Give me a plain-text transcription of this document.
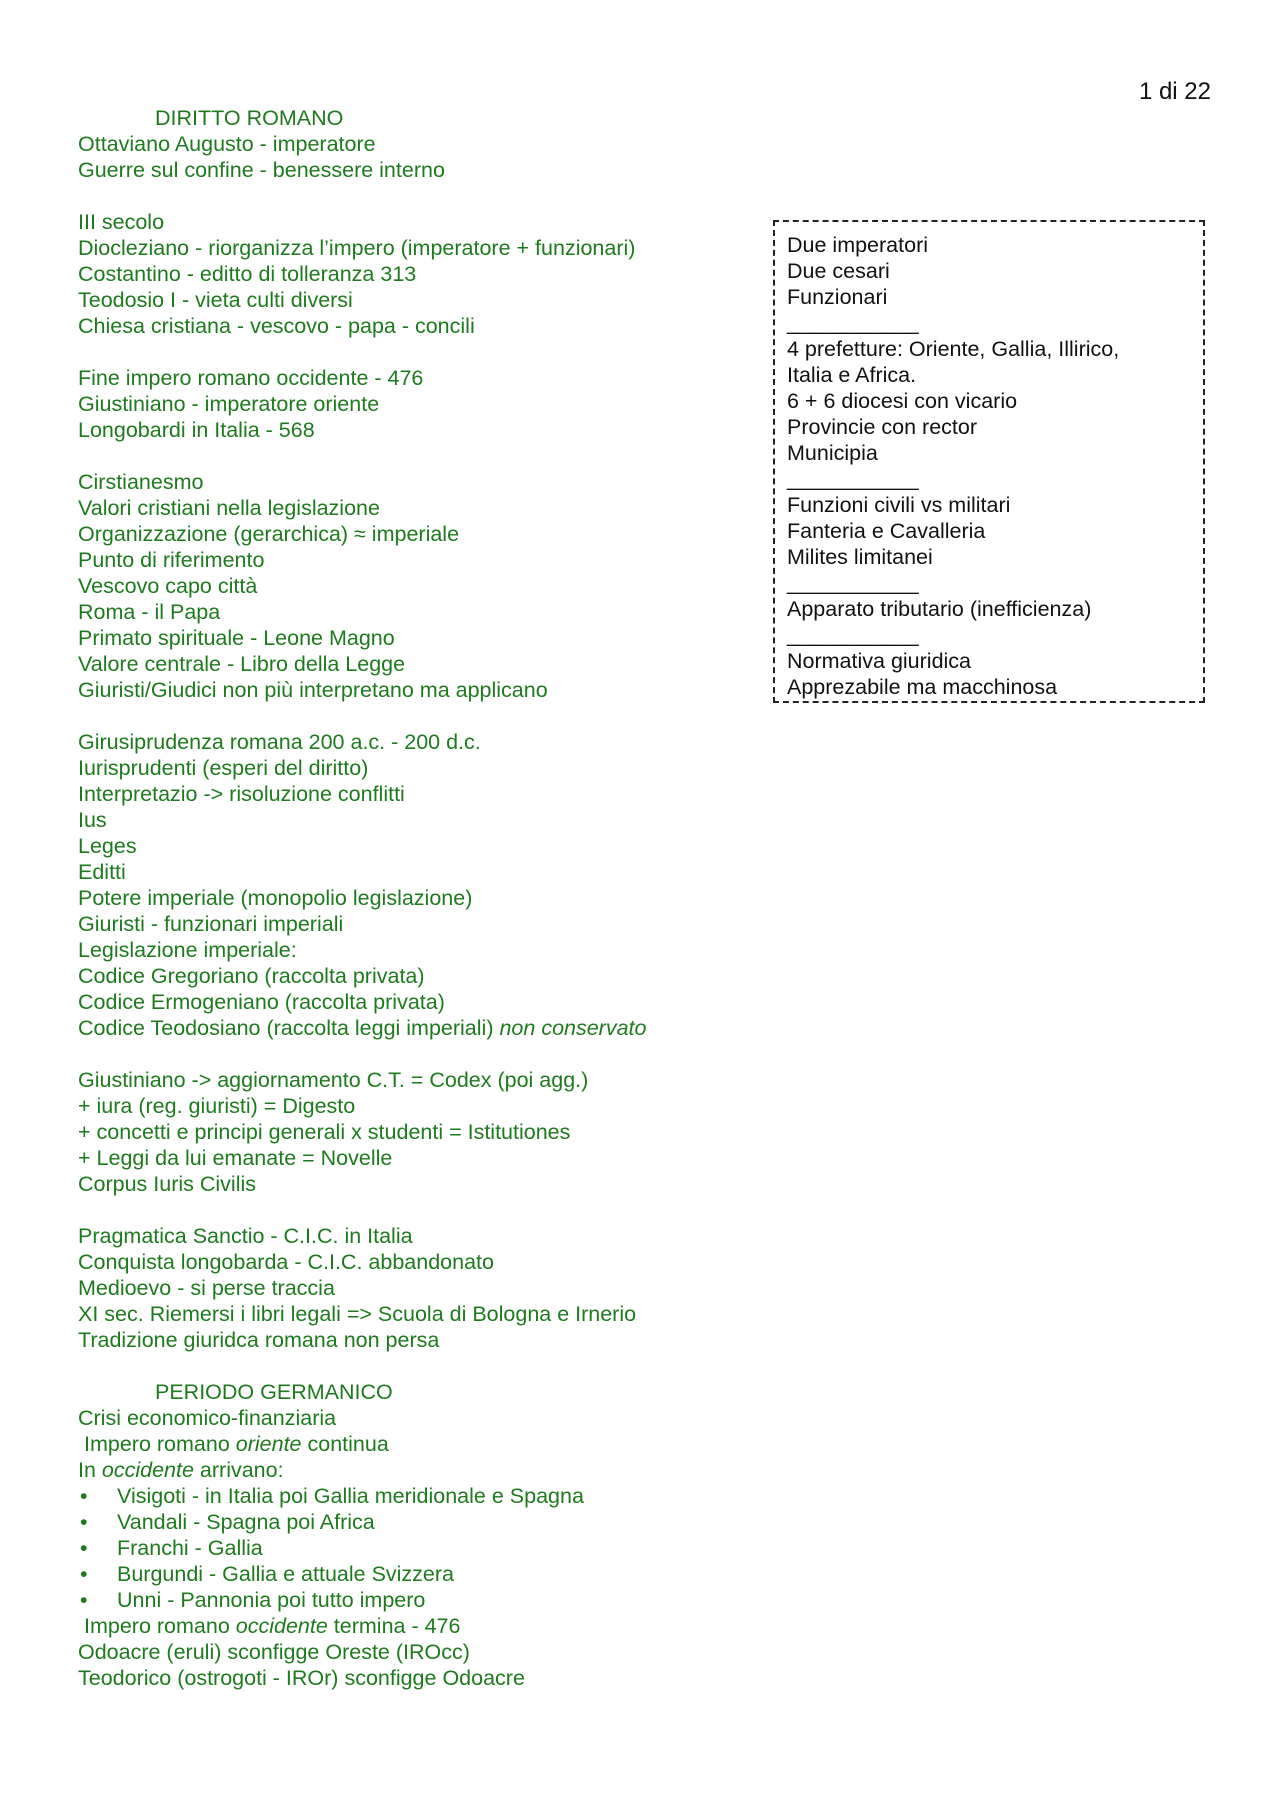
1 di 22
DIRITTO ROMANO
Ottaviano Augusto - imperatore
Guerre sul confine - benessere interno
III secolo
Diocleziano - riorganizza l’impero (imperatore + funzionari)
Costantino - editto di tolleranza 313
Teodosio I - vieta culti diversi
Chiesa cristiana - vescovo - papa - concili
Fine impero romano occidente - 476
Giustiniano - imperatore oriente
Longobardi in Italia - 568
Cirstianesmo
Valori cristiani nella legislazione
Organizzazione (gerarchica) ≈ imperiale
Punto di riferimento
Vescovo capo città
Roma - il Papa
Primato spirituale - Leone Magno
Valore centrale - Libro della Legge
Giuristi/Giudici non più interpretano ma applicano
Girusiprudenza romana 200 a.c. - 200 d.c.
Iurisprudenti (esperi del diritto)
Interpretazio -> risoluzione conflitti
Ius
Leges
Editti
Potere imperiale (monopolio legislazione)
Giuristi - funzionari imperiali
Legislazione imperiale:
Codice Gregoriano (raccolta privata)
Codice Ermogeniano (raccolta privata)
Codice Teodosiano (raccolta leggi imperiali) non conservato
Giustiniano -> aggiornamento C.T. = Codex (poi agg.)
+ iura (reg. giuristi) = Digesto
+ concetti e principi generali x studenti = Istitutiones
+ Leggi da lui emanate = Novelle
Corpus Iuris Civilis
Pragmatica Sanctio - C.I.C. in Italia
Conquista longobarda - C.I.C. abbandonato
Medioevo - si perse traccia
XI sec. Riemersi i libri legali => Scuola di Bologna e Irnerio
Tradizione giuridca romana non persa
PERIODO GERMANICO
Crisi economico-finanziaria
Impero romano oriente continua
In occidente arrivano:
• Visigoti - in Italia poi Gallia meridionale e Spagna
• Vandali - Spagna poi Africa
• Franchi - Gallia
• Burgundi - Gallia e attuale Svizzera
• Unni - Pannonia poi tutto impero
Impero romano occidente termina - 476
Odoacre (eruli) sconfigge Oreste (IROcc)
Teodorico (ostrogoti - IROr) sconfigge Odoacre
Due imperatori
Due cesari
Funzionari
___________
4 prefetture: Oriente, Gallia, Illirico,
Italia e Africa.
6 + 6 diocesi con vicario
Provincie con rector
Municipia
___________
Funzioni civili vs militari
Fanteria e Cavalleria
Milites limitanei
___________
Apparato tributario (inefficienza)
___________
Normativa giuridica
Apprezabile ma macchinosa
